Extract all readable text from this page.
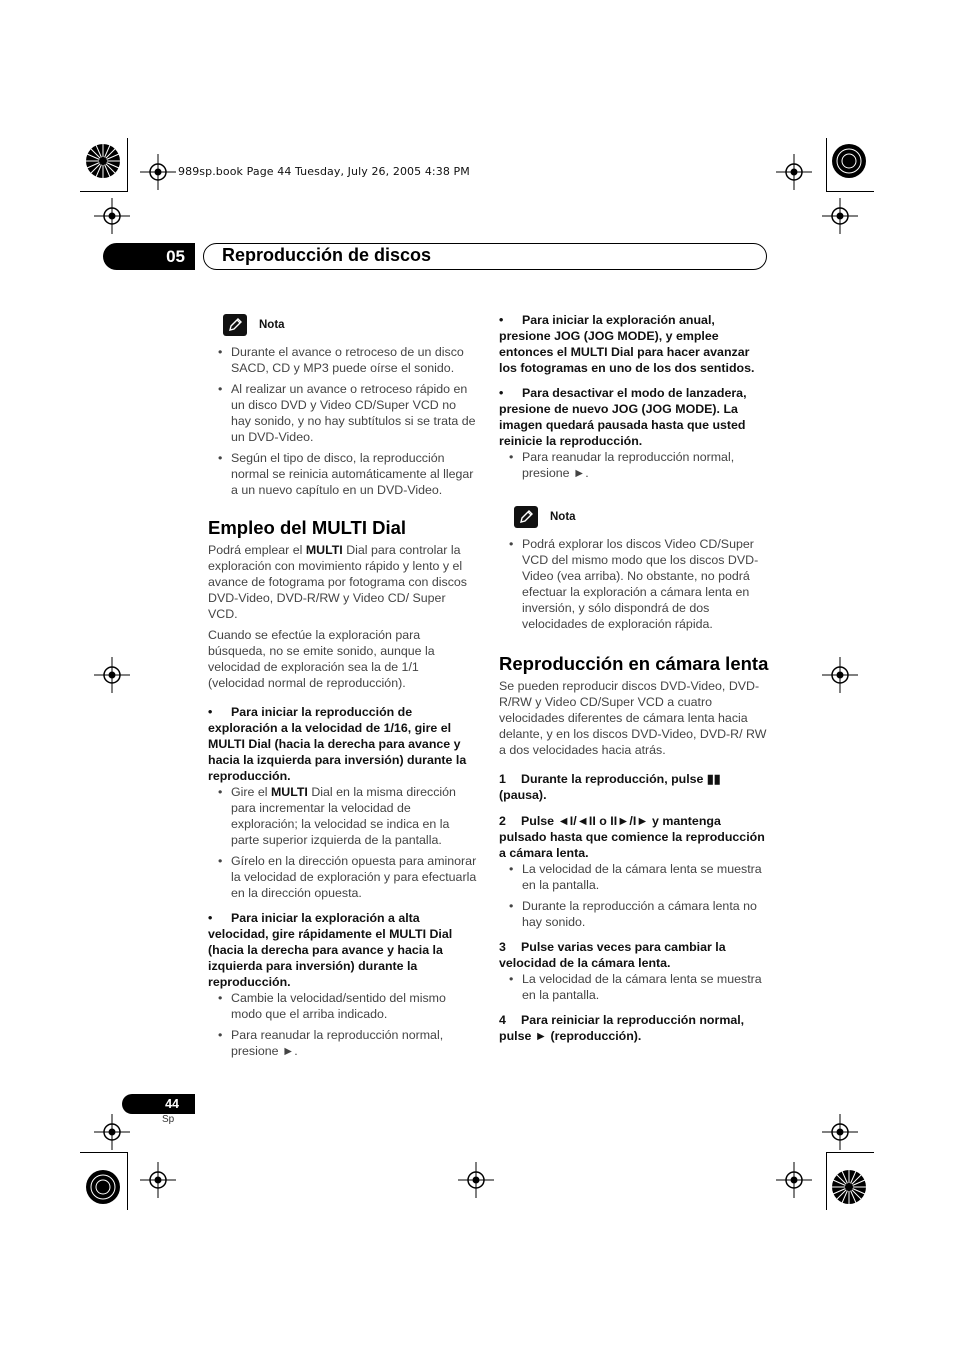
989sp.book Page 44 Tuesday, July 26, 2005 4:38 PM
05	Reproducción de discos
Nota
• Durante el avance o retroceso de un disco SACD, CD y MP3 puede oírse el sonido.
• Al realizar un avance o retroceso rápido en un disco DVD y Video CD/Super VCD no hay sonido, y no hay subtítulos si se trata de un DVD-Video.
• Según el tipo de disco, la reproducción normal se reinicia automáticamente al llegar a un nuevo capítulo en un DVD-Video.
Empleo del MULTI Dial

Podrá emplear el MULTI Dial para controlar la exploración con movimiento rápido y lento y el avance de fotograma por fotograma con discos DVD-Video, DVD-R/RW y Video CD/ Super VCD.

Cuando se efectúe la exploración para búsqueda, no se emite sonido, aunque la velocidad de exploración sea la de 1/1 (velocidad normal de reproducción).

• Para iniciar la reproducción de exploración a la velocidad de 1/16, gire el MULTI Dial (hacia la derecha para avance y hacia la izquierda para inversión) durante la reproducción.
• Gire el MULTI Dial en la misma dirección para incrementar la velocidad de exploración; la velocidad se indica en la parte superior izquierda de la pantalla.
• Gírelo en la dirección opuesta para aminorar la velocidad de exploración y para efectuarla en la dirección opuesta.
• Para iniciar la exploración a alta velocidad, gire rápidamente el MULTI Dial (hacia la derecha para avance y hacia la izquierda para inversión) durante la reproducción.
• Cambie la velocidad/sentido del mismo modo que el arriba indicado.
• Para reanudar la reproducción normal, presione ►.
• Para iniciar la exploración anual, presione JOG (JOG MODE), y emplee entonces el MULTI Dial para hacer avanzar los fotogramas en uno de los dos sentidos.
• Para desactivar el modo de lanzadera, presione de nuevo JOG (JOG MODE). La imagen quedará pausada hasta que usted reinicie la reproducción.
• Para reanudar la reproducción normal, presione ►.
Nota
• Podrá explorar los discos Video CD/Super VCD del mismo modo que los discos DVD-Video (vea arriba). No obstante, no podrá efectuar la exploración a cámara lenta en inversión, y sólo dispondrá de dos velocidades de exploración rápida.
Reproducción en cámara lenta

Se pueden reproducir discos DVD-Video, DVD-R/RW y Video CD/Super VCD a cuatro velocidades diferentes de cámara lenta hacia delante, y en los discos DVD-Video, DVD-R/ RW a dos velocidades hacia atrás.

1 Durante la reproducción, pulse ▮▮ (pausa).
2 Pulse ◄I/◄II o II►/I► y mantenga pulsado hasta que comience la reproducción a cámara lenta.
• La velocidad de la cámara lenta se muestra en la pantalla.
• Durante la reproducción a cámara lenta no hay sonido.
3 Pulse varias veces para cambiar la velocidad de la cámara lenta.
• La velocidad de la cámara lenta se muestra en la pantalla.
4 Para reiniciar la reproducción normal, pulse ► (reproducción).
44
Sp
